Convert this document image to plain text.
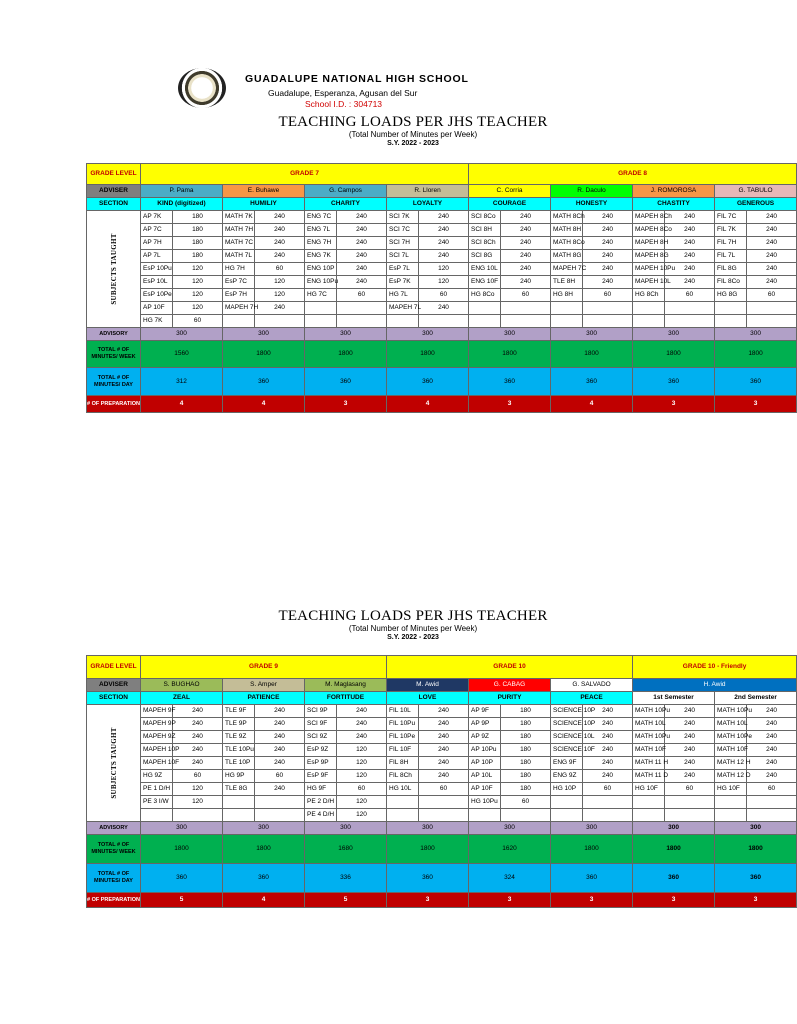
GUADALUPE NATIONAL HIGH SCHOOL
Guadalupe, Esperanza, Agusan del Sur
School I.D. : 304713
TEACHING LOADS PER JHS TEACHER
(Total Number of Minutes per Week)
S.Y. 2022 - 2023
GRADE LEVEL	GRADE 7								GRADE 8							
ADVISER	P. Pama		E. Buhawe		G. Campos		R. Lloren		C. Corria		R. Daculo		J. ROMOROSA		G. TABULO	
SECTION	KIND (digitized)		HUMILIY		CHARITY		LOYALTY		COURAGE		HONESTY		CHASTITY		GENEROUS	

SUBJECTS TAUGHT	AP 7K	180	MATH 7K	240	ENG 7C	240	SCI 7K	240	SCI 8Co	240	MATH 8Ch	240	MAPEH 8Ch	240	FIL 7C	240
	AP 7C	180	MATH 7H	240	ENG 7L	240	SCI 7C	240	SCI 8H	240	MATH 8H	240	MAPEH 8Co	240	FIL 7K	240
	AP 7H	180	MATH 7C	240	ENG 7H	240	SCI 7H	240	SCI 8Ch	240	MATH 8Co	240	MAPEH 8H	240	FIL 7H	240
	AP 7L	180	MATH 7L	240	ENG 7K	240	SCI 7L	240	SCI 8G	240	MATH 8G	240	MAPEH 8G	240	FIL 7L	240
	EsP 10Pu	120	HG 7H	60	ENG 10P	240	EsP 7L	120	ENG 10L	240	MAPEH 7C	240	MAPEH 10Pu	240	FIL 8G	240
	EsP 10L	120	EsP 7C	120	ENG 10Pu	240	EsP 7K	120	ENG 10F	240	TLE 8H	240	MAPEH 10L	240	FIL 8Co	240
	EsP 10Pe	120	EsP 7H	120	HG 7C	60	HG 7L	60	HG 8Co	60	HG 8H	60	HG 8Ch	60	HG 8G	60
	AP 10F	120	MAPEH 7H	240			MAPEH 7L	240								
	HG 7K	60														
ADVISORY	300		300		300		300		300		300		300		300	
TOTAL # OF MINUTES/ WEEK	1560		1800		1800		1800		1800		1800		1800		1800	
TOTAL # OF MINUTES/ DAY	312		360		360		360		360		360		360		360	
# OF PREPARATION	4		4		3		4		3		4		3		3	
TEACHING LOADS PER JHS TEACHER
(Total Number of Minutes per Week)
S.Y. 2022 - 2023
GRADE LEVEL	GRADE 9						GRADE 10						GRADE 10 - Friendly			
ADVISER	S. BUGHAO		S. Amper		M. Maglasang		M. Awid		G. CABAG		G. SALVADO		H. Awid			
SECTION	ZEAL		PATIENCE		FORTITUDE		LOVE		PURITY		PEACE		1st Semester		2nd Semester	

SUBJECTS TAUGHT	MAPEH 9F	240	TLE 9F	240	SCI 9P	240	FIL 10L	240	AP 9F	180	SCIENCE 10P	240	MATH 10Pu	240	MATH 10Pu	240
	MAPEH 9P	240	TLE 9P	240	SCI 9F	240	FIL 10Pu	240	AP 9P	180	SCIENCE 10P	240	MATH 10L	240	MATH 10L	240
	MAPEH 9Z	240	TLE 9Z	240	SCI 9Z	240	FIL 10Pe	240	AP 9Z	180	SCIENCE 10L	240	MATH 10Pu	240	MATH 10Pe	240
	MAPEH 10P	240	TLE 10Pu	240	EsP 9Z	120	FIL 10F	240	AP 10Pu	180	SCIENCE 10F	240	MATH 10F	240	MATH 10F	240
	MAPEH 10F	240	TLE 10P	240	EsP 9P	120	FIL 8H	240	AP 10P	180	ENG 9F	240	MATH 11 H	240	MATH 12 H	240
	HG 9Z	60	HG 9P	60	EsP 9F	120	FIL 8Ch	240	AP 10L	180	ENG 9Z	240	MATH 11 D	240	MATH 12 D	240
	PE 1 D/H	120	TLE 8G	240	HG 9F	60	HG 10L	60	AP 10F	180	HG 10P	60	HG 10F	60	HG 10F	60
	PE 3 I/W	120			PE 2 D/H	120			HG 10Pu	60						
					PE 4 D/H	120										
ADVISORY	300		300		300		300		300		300		300		300	
TOTAL # OF MINUTES/ WEEK	1800		1800		1680		1800		1620		1800		1800		1800	
TOTAL # OF MINUTES/ DAY	360		360		336		360		324		360		360		360	
# OF PREPARATION	5		4		5		3		3		3		3		3	
